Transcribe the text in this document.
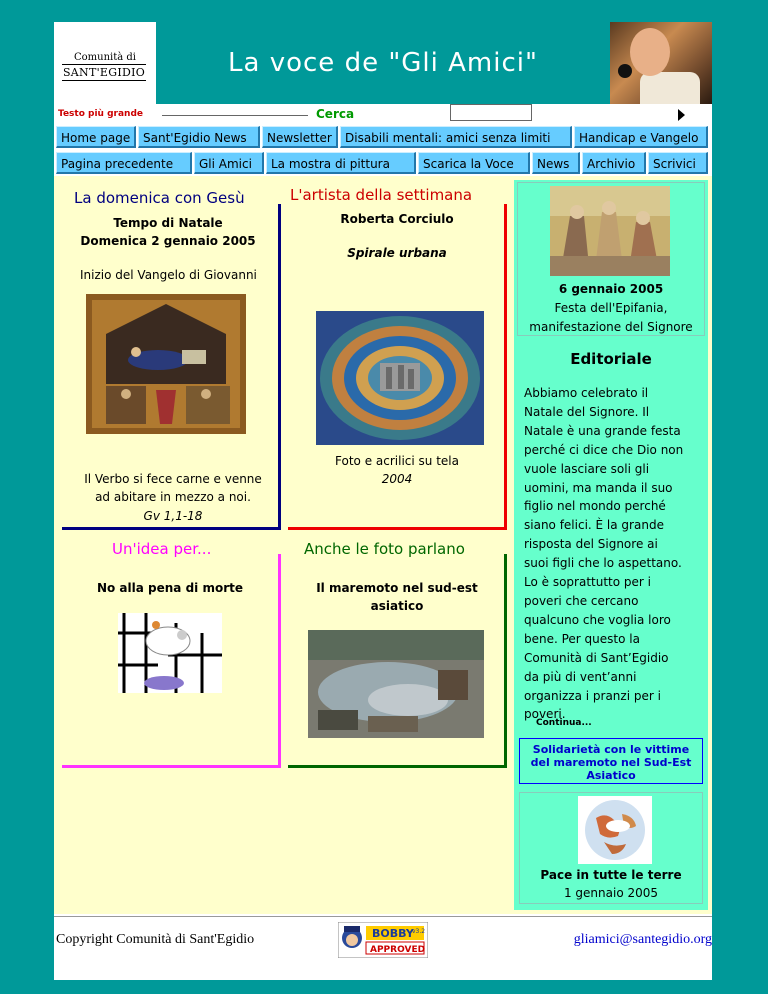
Comunità di
SANT'EGIDIO	La voce de "Gli Amici"
Testo più grande	Cerca
Home page	Sant'Egidio News	Newsletter	Disabili mentali: amici senza limiti	Handicap e Vangelo
Pagina precedente	Gli Amici	La mostra di pittura	Scarica la Voce	News	Archivio	Scrivici
La domenica con Gesù
Tempo di Natale
Domenica 2 gennaio 2005
Inizio del Vangelo di Giovanni
Il Verbo si fece carne e venne
ad abitare in mezzo a noi.
Gv 1,1-18
L'artista della settimana
Roberta Corciulo
Spirale urbana
Foto e acrilici su tela
2004
Un'idea per...
No alla pena di morte
Anche le foto parlano
Il maremoto nel sud-est
asiatico
6 gennaio 2005
Festa dell'Epifania,
manifestazione del Signore
Editoriale

Abbiamo celebrato il

Natale del Signore. Il

Natale è una grande festa

perché ci dice che Dio non

vuole lasciare soli gli

uomini, ma manda il suo

figlio nel mondo perché

siano felici. È la grande

risposta del Signore ai

suoi figli che lo aspettano.

Lo è soprattutto per i

poveri che cercano

qualcuno che voglia loro

bene. Per questo la

Comunità di Sant’Egidio

da più di vent’anni

organizza i pranzi per i

poveri.

Continua...
Solidarietà con le vittime
del maremoto nel Sud-Est
Asiatico
Pace in tutte le terre
1 gennaio 2005
Copyright Comunità di Sant'Egidio	BOBBY
v3.2
APPROVED
gliamici@santegidio.org
